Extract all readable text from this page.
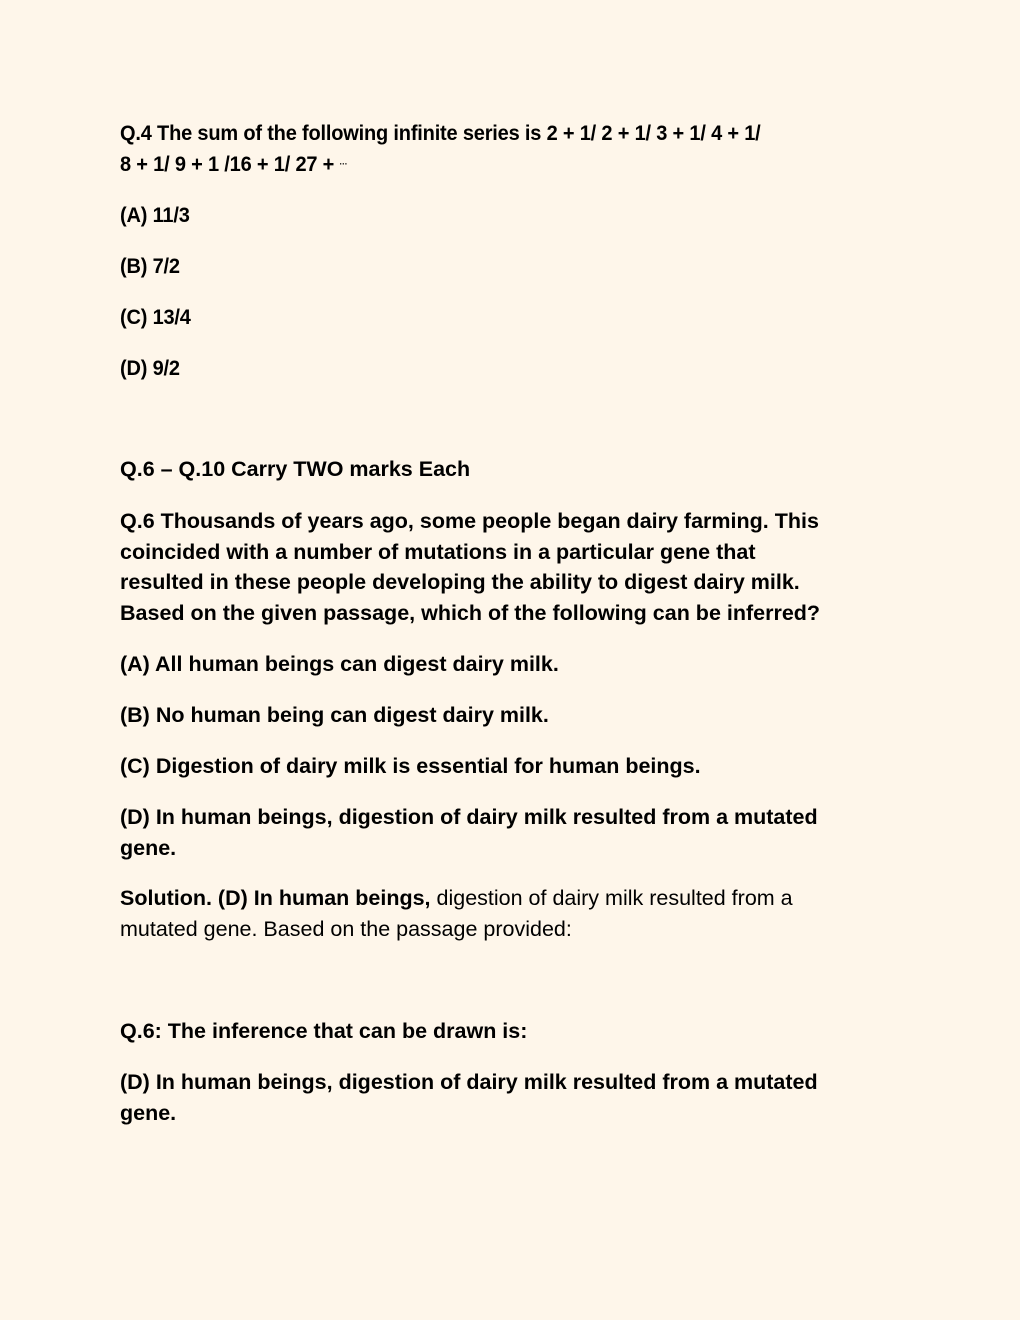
Q.4 The sum of the following infinite series is 2 + 1/ 2 + 1/ 3 + 1/ 4 + 1/

8 + 1/ 9 + 1 /16 + 1/ 27 + ···

(A) 11/3

(B) 7/2

(C) 13/4

(D) 9/2

Q.6 – Q.10 Carry TWO marks Each

Q.6 Thousands of years ago, some people began dairy farming. This

coincided with a number of mutations in a particular gene that

resulted in these people developing the ability to digest dairy milk.

Based on the given passage, which of the following can be inferred?

(A) All human beings can digest dairy milk.

(B) No human being can digest dairy milk.

(C) Digestion of dairy milk is essential for human beings.

(D) In human beings, digestion of dairy milk resulted from a mutated

gene.

Solution. (D) In human beings, digestion of dairy milk resulted from a

mutated gene. Based on the passage provided:

Q.6: The inference that can be drawn is:

(D) In human beings, digestion of dairy milk resulted from a mutated

gene.
